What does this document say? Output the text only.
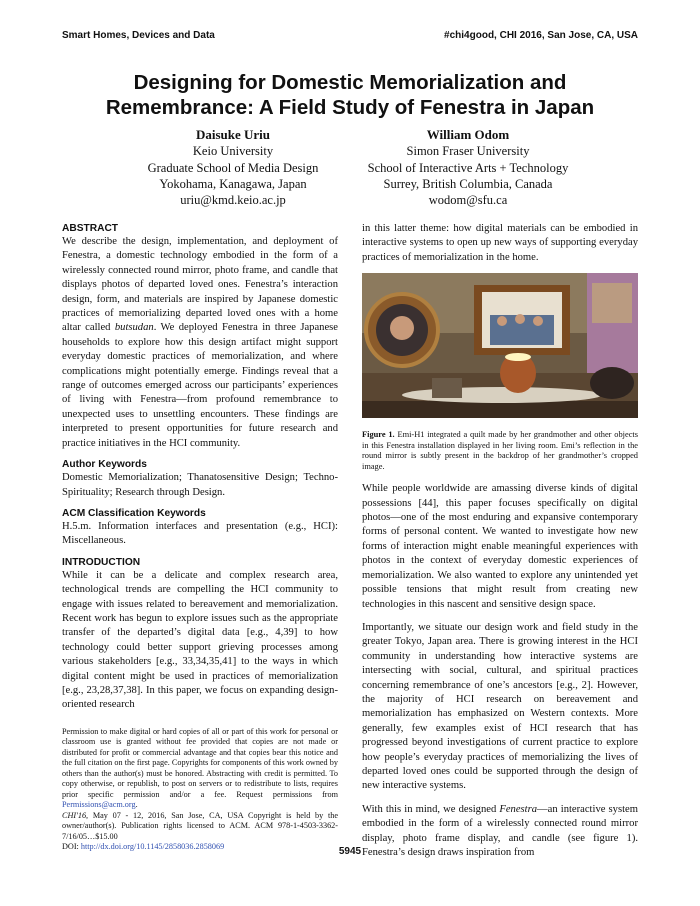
Smart Homes, Devices and Data	#chi4good, CHI 2016, San Jose, CA, USA
Designing for Domestic Memorialization and
Remembrance: A Field Study of Fenestra in Japan
Daisuke Uriu
Keio University
Graduate School of Media Design
Yokohama, Kanagawa, Japan
uriu@kmd.keio.ac.jp
William Odom
Simon Fraser University
School of Interactive Arts + Technology
Surrey, British Columbia, Canada
wodom@sfu.ca
ABSTRACT

We describe the design, implementation, and deployment of Fenestra, a domestic technology embodied in the form of a wirelessly connected round mirror, photo frame, and candle that displays photos of departed loved ones. Fenestra’s interaction design, form, and materials are inspired by Japanese domestic practices of memorializing departed loved ones with a home altar called butsudan. We deployed Fenestra in three Japanese households to explore how this design artifact might support everyday domestic practices of memorialization, and where complications might potentially emerge. Findings reveal that a range of outcomes emerged across our participants’ experiences of living with Fenestra—from profound remembrance to unexpected uses to unsettling encounters. These findings are interpreted to present opportunities for future research and practice initiatives in the HCI community.

Author Keywords

Domestic Memorialization; Thanatosensitive Design; Techno-Spirituality; Research through Design.

ACM Classification Keywords

H.5.m. Information interfaces and presentation (e.g., HCI): Miscellaneous.

INTRODUCTION

While it can be a delicate and complex research area, technological trends are compelling the HCI community to engage with issues related to bereavement and memorialization. Recent work has begun to explore issues such as the appropriate transfer of the departed’s digital data [e.g., 4,39] to how technology could better support grieving processes among various stakeholders [e.g., 33,34,35,41] to the ways in which digital content might be used in practices of memorialization [e.g., 23,28,37,38]. In this paper, we focus on expanding design-oriented research

Permission to make digital or hard copies of all or part of this work for personal or classroom use is granted without fee provided that copies are not made or distributed for profit or commercial advantage and that copies bear this notice and the full citation on the first page. Copyrights for components of this work owned by others than the author(s) must be honored. Abstracting with credit is permitted. To copy otherwise, or republish, to post on servers or to redistribute to lists, requires prior specific permission and/or a fee. Request permissions from Permissions@acm.org.

CHI'16, May 07 - 12, 2016, San Jose, CA, USA Copyright is held by the owner/author(s). Publication rights licensed to ACM. ACM 978-1-4503-3362-7/16/05…$15.00

DOI: http://dx.doi.org/10.1145/2858036.2858069

in this latter theme: how digital materials can be embodied in interactive systems to open up new ways of supporting everyday practices of memorialization in the home.

Figure 1. Emi-H1 integrated a quilt made by her grandmother and other objects in this Fenestra installation displayed in her living room. Emi’s reflection in the round mirror is subtly present in the backdrop of her grandmother’s cropped image.

While people worldwide are amassing diverse kinds of digital possessions [44], this paper focuses specifically on digital photos—one of the most enduring and expansive contemporary forms of personal content. We wanted to investigate how new forms of interaction might enable meaningful experiences with photos in the context of everyday domestic experiences of memorialization. We also wanted to explore any unintended yet possible tensions that might result from creating new technologies in this nascent and sensitive design space.

Importantly, we situate our design work and field study in the greater Tokyo, Japan area. There is growing interest in the HCI community in understanding how interactive systems are intersecting with social, cultural, and spiritual practices concerning remembrance of one’s ancestors [e.g., 2]. However, the majority of HCI research on bereavement and memorialization has emphasized on Western contexts. More generally, few examples exist of HCI research that has progressed beyond investigations of current practice to explore how people’s everyday practices of memorializing the lives of departed loved ones could be supported through the design of new interactive systems.

With this in mind, we designed Fenestra—an interactive system embodied in the form of a wirelessly connected round mirror display, photo frame display, and candle (see figure 1). Fenestra’s design draws inspiration from

5945
